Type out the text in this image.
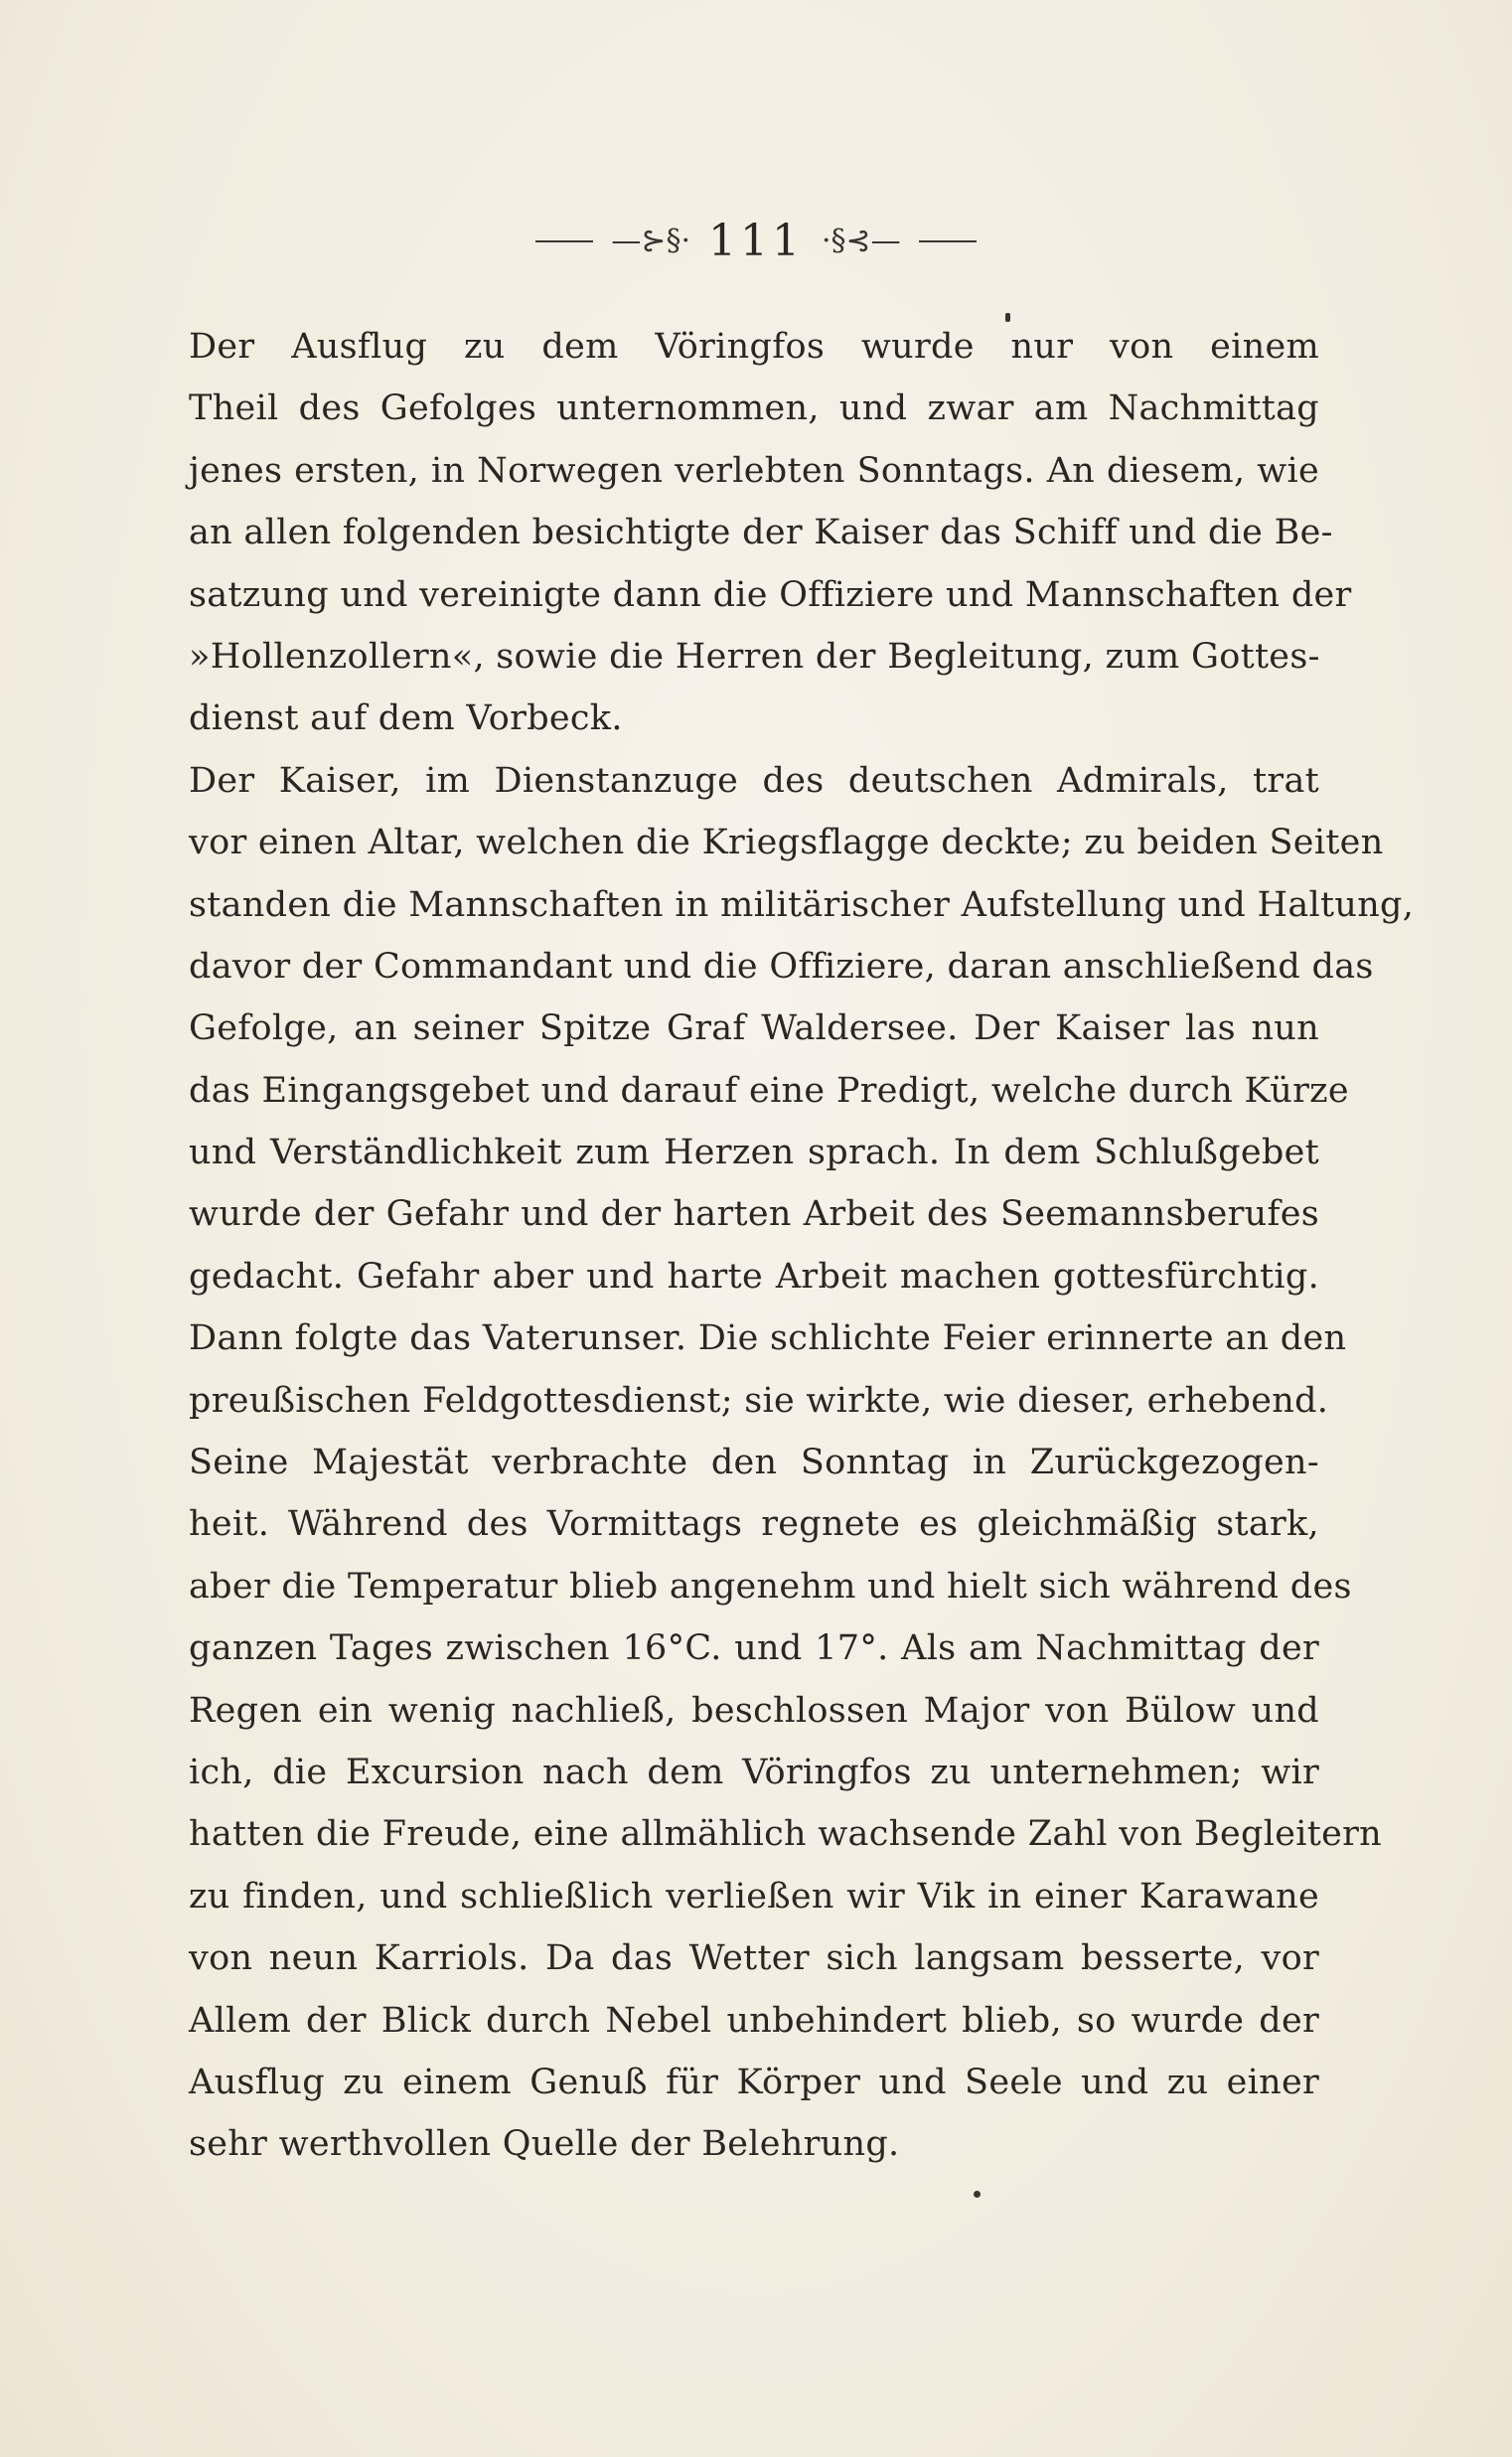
—⊱§· 111 ·§⊰—
Der Ausflug zu dem Vöringfos wurde nur von einem
Theil des Gefolges unternommen, und zwar am Nachmittag
jenes ersten, in Norwegen verlebten Sonntags. An diesem, wie
an allen folgenden besichtigte der Kaiser das Schiff und die Be-
satzung und vereinigte dann die Offiziere und Mannschaften der
»Hollenzollern«, sowie die Herren der Begleitung, zum Gottes-
dienst auf dem Vorbeck.
Der Kaiser, im Dienstanzuge des deutschen Admirals, trat
vor einen Altar, welchen die Kriegsflagge deckte; zu beiden Seiten
standen die Mannschaften in militärischer Aufstellung und Haltung,
davor der Commandant und die Offiziere, daran anschließend das
Gefolge, an seiner Spitze Graf Waldersee. Der Kaiser las nun
das Eingangsgebet und darauf eine Predigt, welche durch Kürze
und Verständlichkeit zum Herzen sprach. In dem Schlußgebet
wurde der Gefahr und der harten Arbeit des Seemannsberufes
gedacht. Gefahr aber und harte Arbeit machen gottesfürchtig.
Dann folgte das Vaterunser. Die schlichte Feier erinnerte an den
preußischen Feldgottesdienst; sie wirkte, wie dieser, erhebend.
Seine Majestät verbrachte den Sonntag in Zurückgezogen-
heit. Während des Vormittags regnete es gleichmäßig stark,
aber die Temperatur blieb angenehm und hielt sich während des
ganzen Tages zwischen 16°C. und 17°. Als am Nachmittag der
Regen ein wenig nachließ, beschlossen Major von Bülow und
ich, die Excursion nach dem Vöringfos zu unternehmen; wir
hatten die Freude, eine allmählich wachsende Zahl von Begleitern
zu finden, und schließlich verließen wir Vik in einer Karawane
von neun Karriols. Da das Wetter sich langsam besserte, vor
Allem der Blick durch Nebel unbehindert blieb, so wurde der
Ausflug zu einem Genuß für Körper und Seele und zu einer
sehr werthvollen Quelle der Belehrung.
